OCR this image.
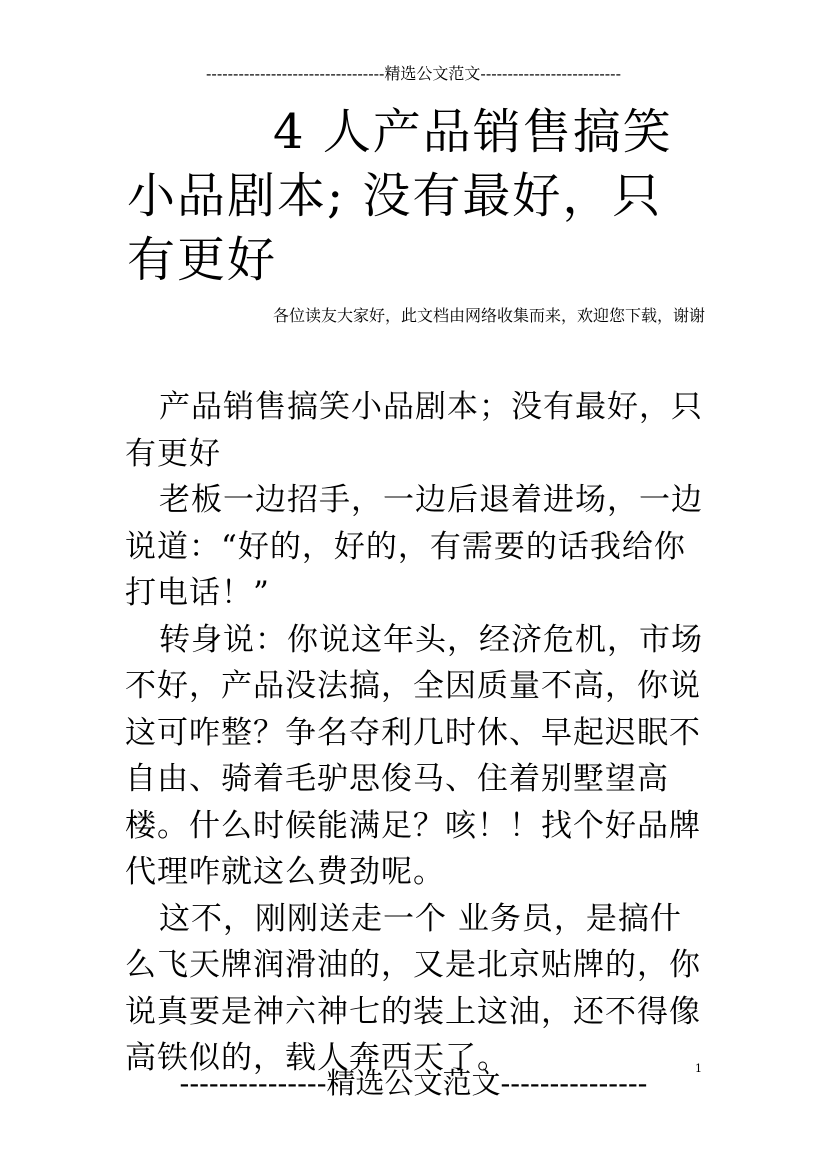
---------------------------------精选公文范文--------------------------
4 人产品销售搞笑
小品剧本; 没有最好，只有更好
各位读友大家好，此文档由网络收集而来，欢迎您下载，谢谢

产品销售搞笑小品剧本；没有最好，只有更好

老板一边招手，一边后退着进场，一边说道：“好的，好的，有需要的话我给你打电话！”

转身说：你说这年头，经济危机，市场不好，产品没法搞，全因质量不高，你说这可咋整？争名夺利几时休、早起迟眠不自由、骑着毛驴思俊马、住着别墅望高楼。什么时候能满足？咳！！找个好品牌代理咋就这么费劲呢。

这不，刚刚送走一个 业务员，是搞什么飞天牌润滑油的，又是北京贴牌的，你说真要是神六神七的装上这油，还不得像高铁似的，载人奔西天了。	1
---------------精选公文范文---------------
